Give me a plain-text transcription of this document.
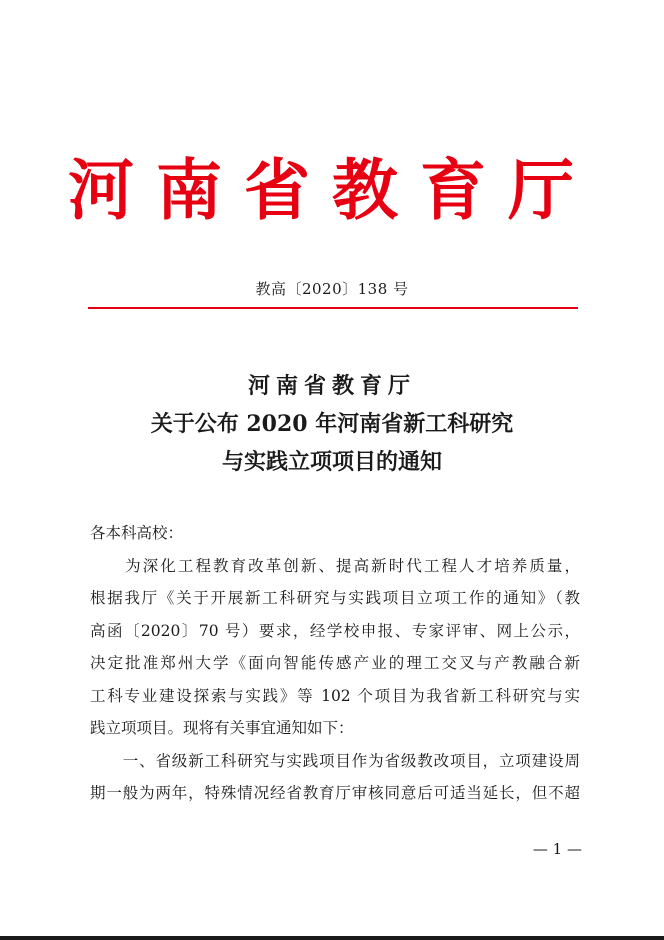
河南省教育厅
教高〔2020〕138 号
河南省教育厅
关于公布 2020 年河南省新工科研究
与实践立项项目的通知
各本科高校：
　　为深化工程教育改革创新、提高新时代工程人才培养质量，
根据我厅《关于开展新工科研究与实践项目立项工作的通知》（教
高函〔2020〕70 号）要求，经学校申报、专家评审、网上公示，
决定批准郑州大学《面向智能传感产业的理工交叉与产教融合新
工科专业建设探索与实践》等 102 个项目为我省新工科研究与实
践立项项目。现将有关事宜通知如下：
　　一、省级新工科研究与实践项目作为省级教改项目，立项建设周
期一般为两年，特殊情况经省教育厅审核同意后可适当延长，但不超
— 1 —
